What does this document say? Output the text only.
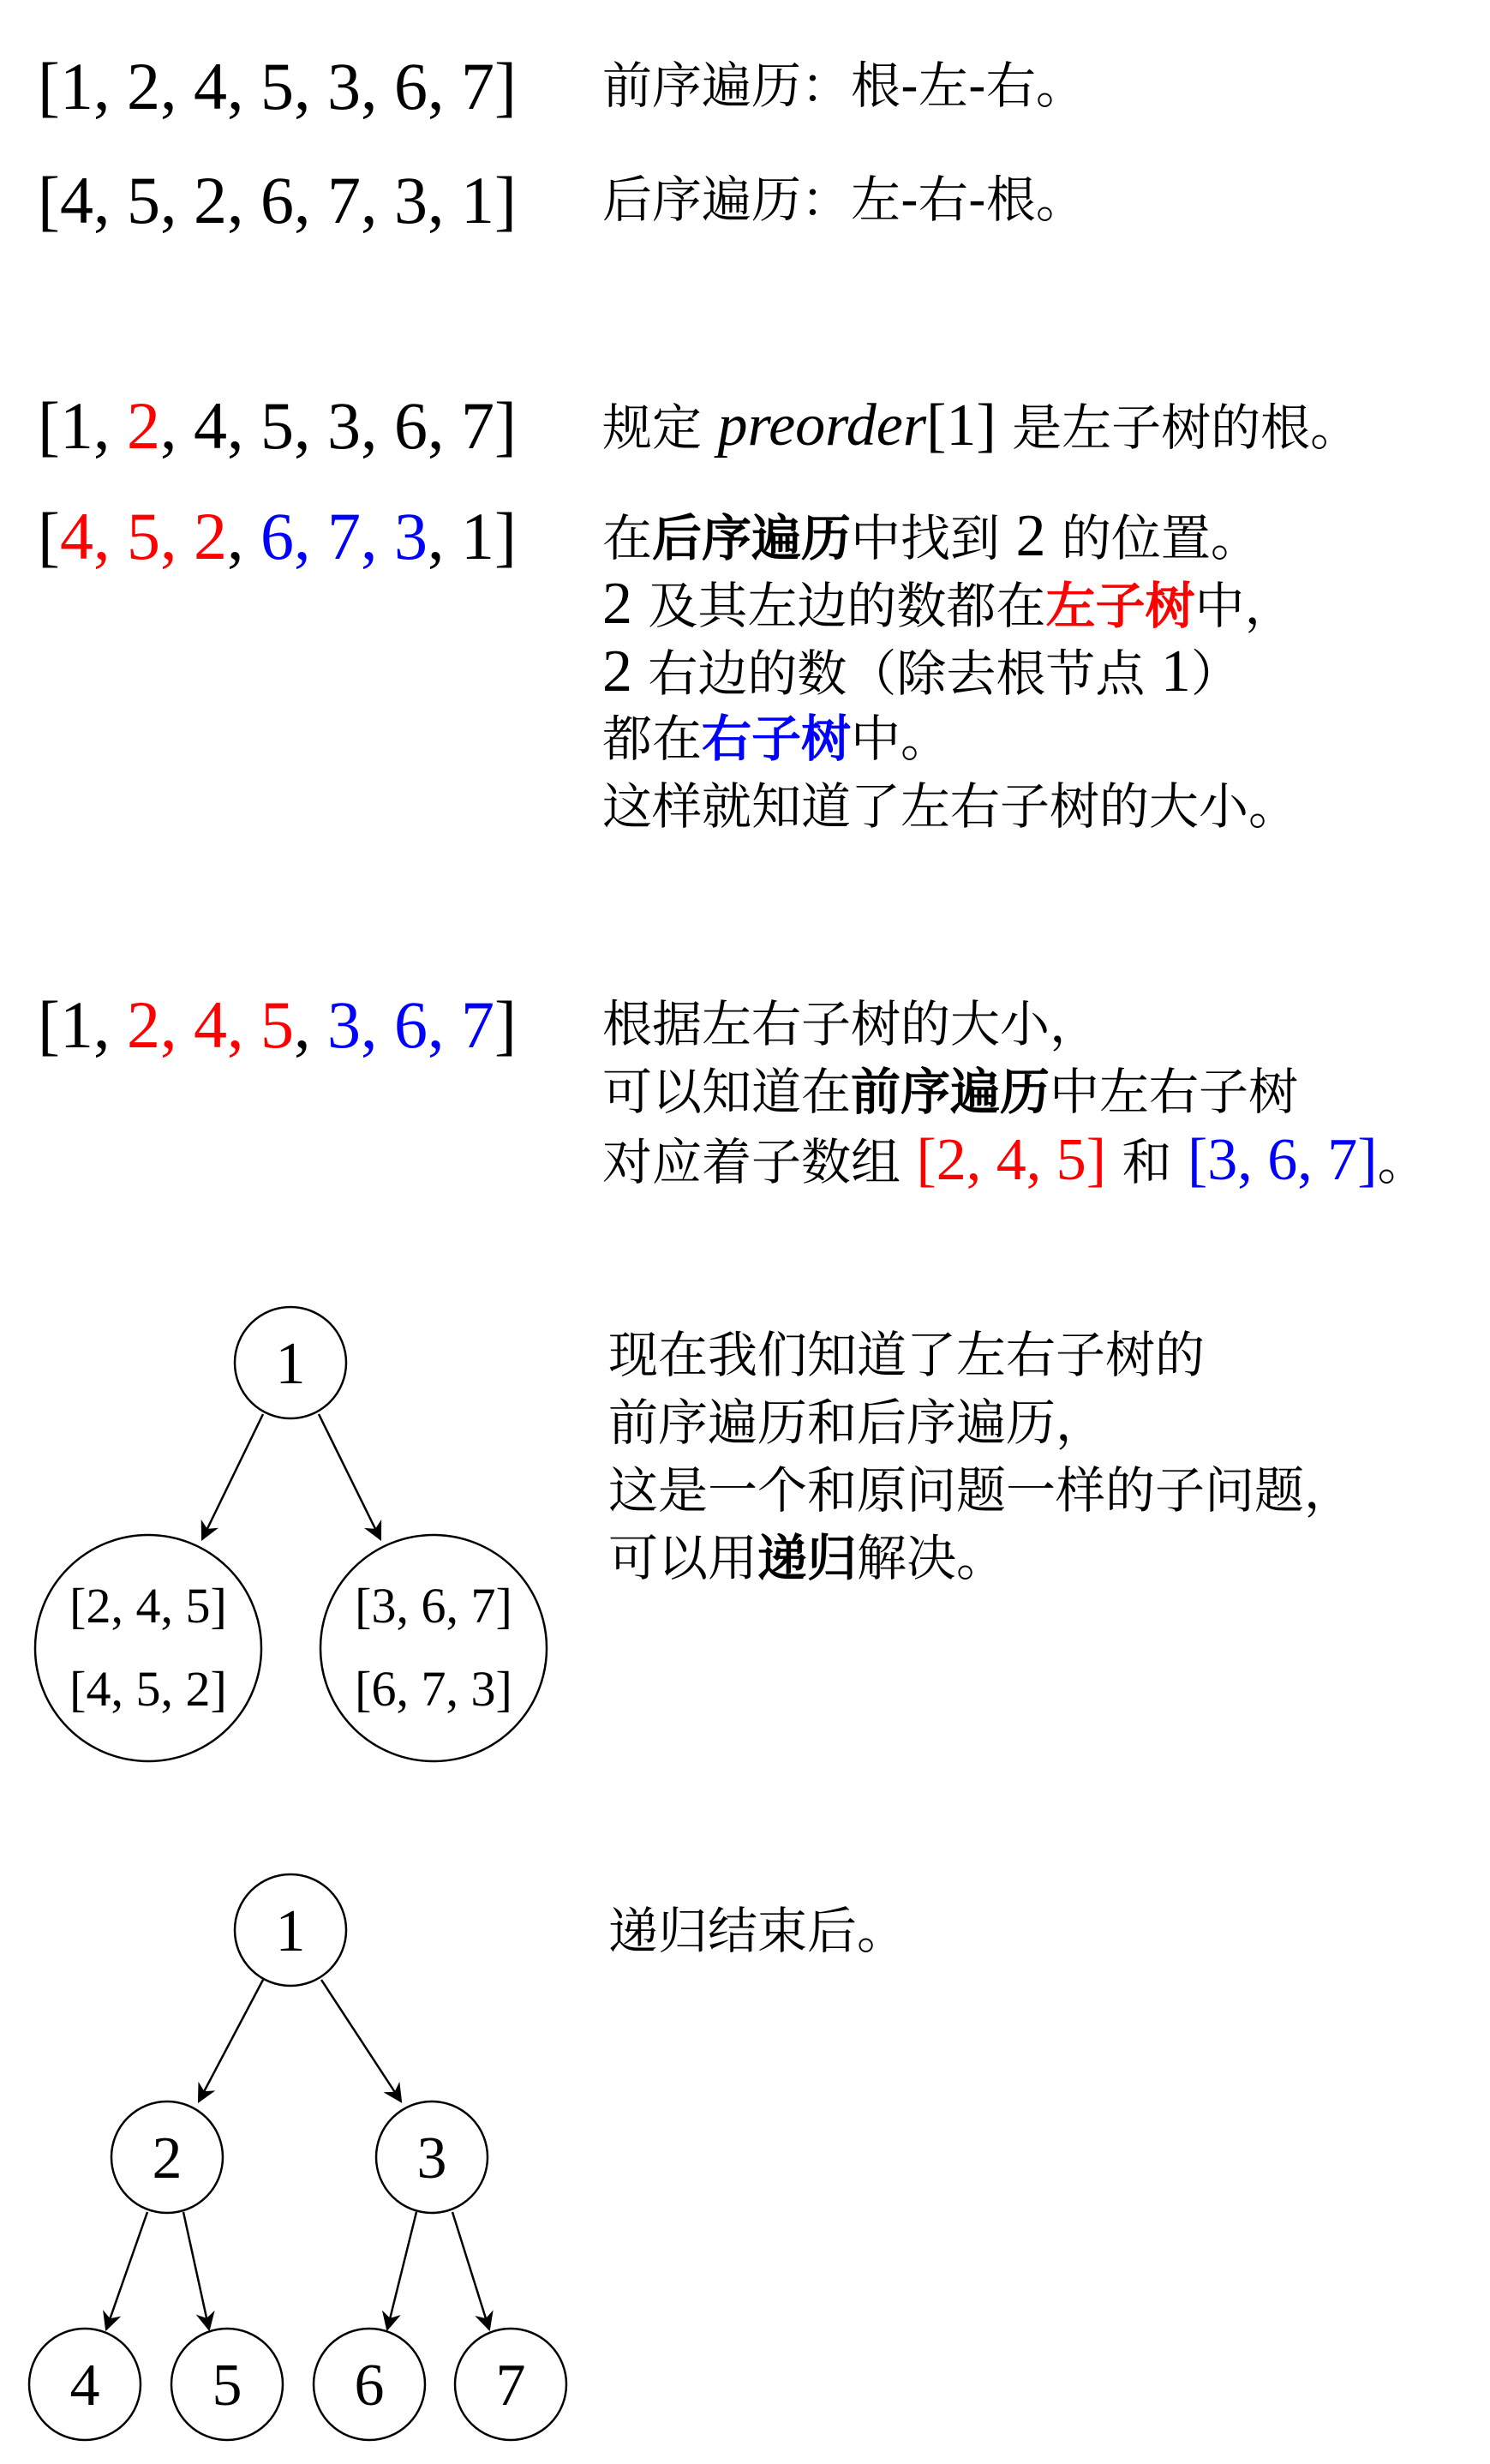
[1, 2, 4, 5, 3, 6, 7] 前序遍历：根-左-右。
[4, 5, 2, 6, 7, 3, 1] 后序遍历：左-右-根。
[1, 2, 4, 5, 3, 6, 7] 规定 preorder[1] 是左子树的根。
[4, 5, 2, 6, 7, 3, 1] 在后序遍历中找到 2 的位置。
2 及其左边的数都在左子树中，
2 右边的数（除去根节点 1）
都在右子树中。
这样就知道了左右子树的大小。
[1, 2, 4, 5, 3, 6, 7] 根据左右子树的大小，
可以知道在前序遍历中左右子树
对应着子数组 [2, 4, 5] 和 [3, 6, 7]。
现在我们知道了左右子树的
前序遍历和后序遍历，
这是一个和原问题一样的子问题，
可以用递归解决。
递归结束后。
1
[2, 4, 5]
[4, 5, 2]
[3, 6, 7]
[6, 7, 3]
1
2	3
4 5 6 7
